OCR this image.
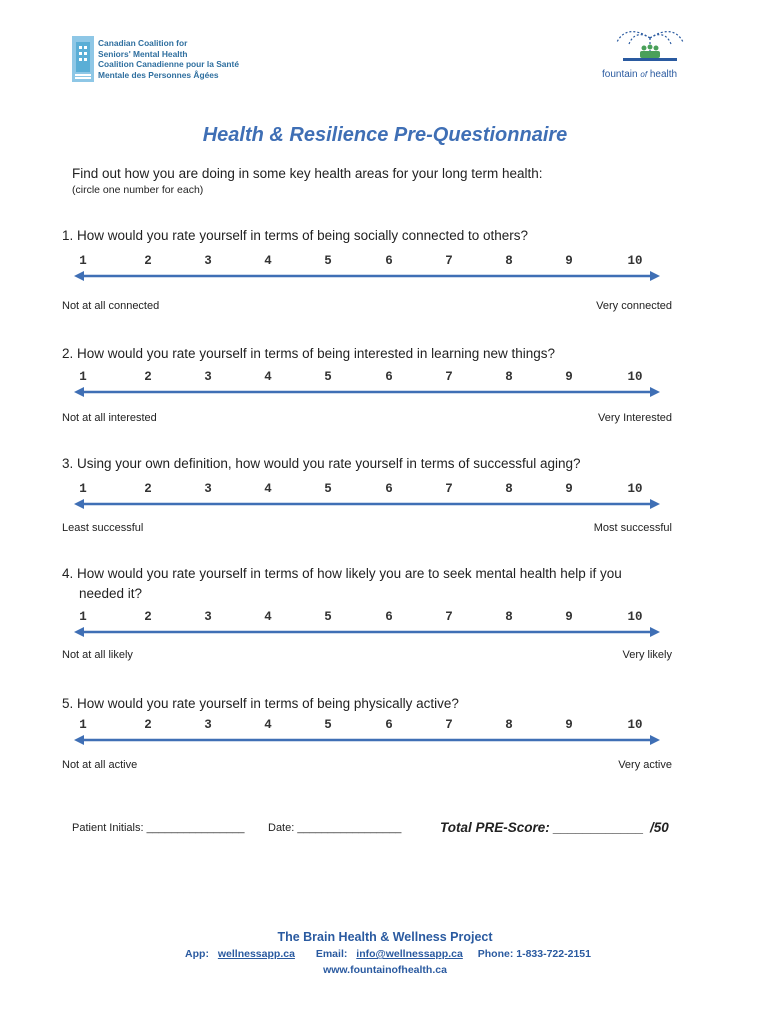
Canadian Coalition for
Seniors' Mental Health
Coalition Canadienne pour la Santé
Mentale des Personnes Âgées	fountain of health
Health & Resilience Pre-Questionnaire
Find out how you are doing in some key health areas for your long term health:
(circle one number for each)
1. How would you rate yourself in terms of being socially connected to others?
1	2	3	4	5	6	7	8	9	10
Not at all connected	Very connected
2. How would you rate yourself in terms of being interested in learning new things?
1	2	3	4	5	6	7	8	9	10
Not at all interested	Very Interested
3. Using your own definition, how would you rate yourself in terms of successful aging?
1	2	3	4	5	6	7	8	9	10
Least successful	Most successful
4. How would you rate yourself in terms of how likely you are to seek mental health help if you
needed it?
1	2	3	4	5	6	7	8	9	10
Not at all likely	Very likely
5. How would you rate yourself in terms of being physically active?
1	2	3	4	5	6	7	8	9	10
Not at all active	Very active
Patient Initials: ________________ Date: _________________	Total PRE-Score: ____________ /50
The Brain Health & Wellness Project
App: wellnessapp.ca Email: info@wellnessapp.ca Phone: 1-833-722-2151
www.fountainofhealth.ca
